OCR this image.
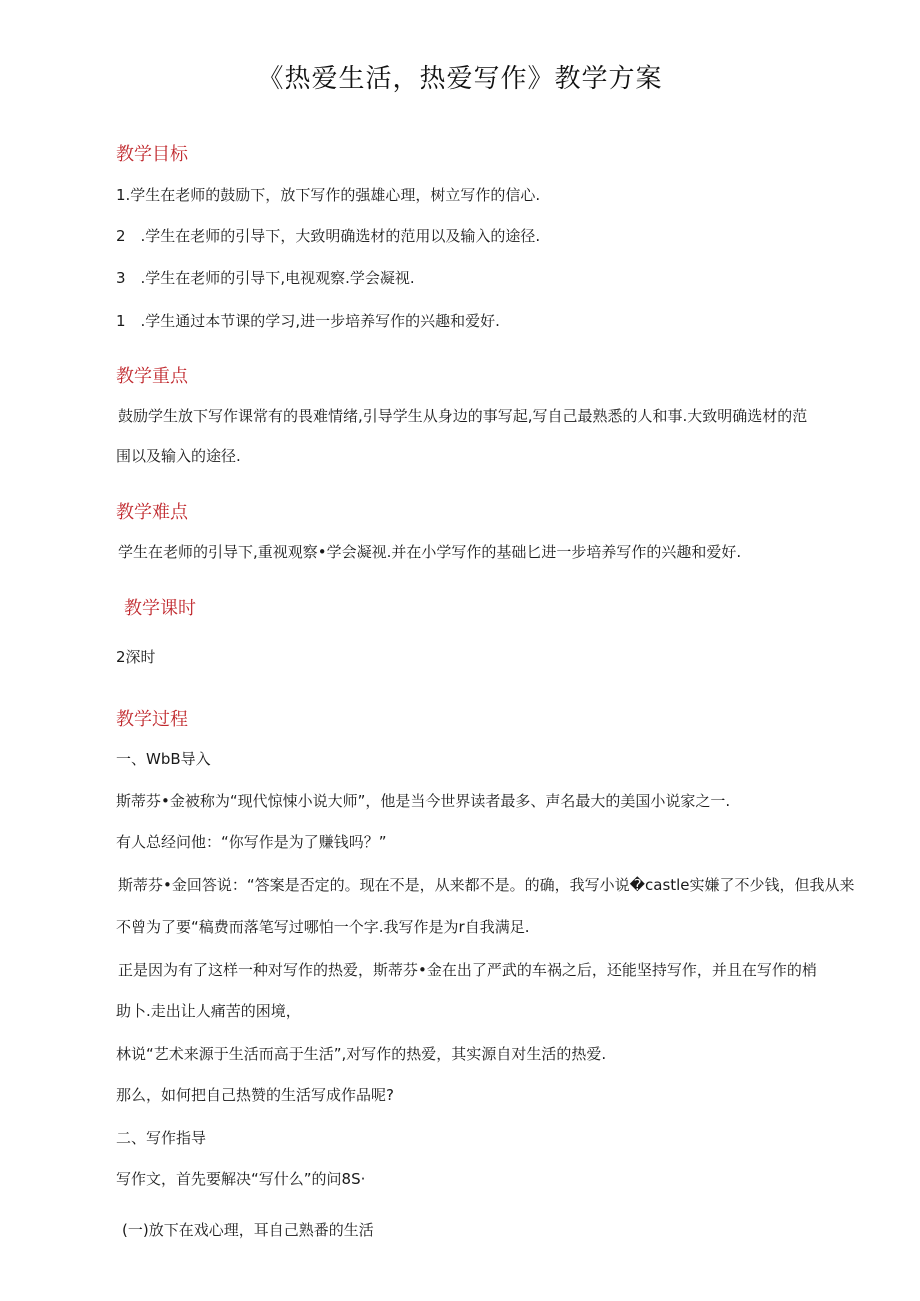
《热爱生活，热爱写作》教学方案
教学目标
1.学生在老师的鼓励下，放下写作的强雄心理，树立写作的信心.
2　.学生在老师的引导下，大致明确选材的范用以及输入的途径.
3　.学生在老师的引导下,电视观察.学会凝视.
1　.学生通过本节课的学习,进一步培养写作的兴趣和爱好.
教学重点
鼓励学生放下写作课常有的畏难情绪,引导学生从身边的事写起,写自己最熟悉的人和事.大致明确选材的范
围以及输入的途径.
教学难点
学生在老师的引导下,重视观察•学会凝视.并在小学写作的基础匕进一步培养写作的兴趣和爱好.
教学课时
2深时
教学过程
一、WbB导入
斯蒂芬•金被称为“现代惊悚小说大师”，他是当今世界读者最多、声名最大的美国小说家之一.
有人总经问他：“你写作是为了赚钱吗？”
斯蒂芬•金回答说：“答案是否定的。现在不是，从来都不是。的确，我写小说�castle实嫌了不少钱，但我从来
不曾为了要“稿费而落笔写过哪怕一个字.我写作是为r自我满足.
正是因为有了这样一种对写作的热爱，斯蒂芬•金在出了严武的车祸之后，还能坚持写作，并且在写作的梢
助卜.走出让人痛苦的困境，
林说“艺术来源于生活而高于生活”,对写作的热爱，其实源自对生活的热爱.
那么，如何把自己热赞的生活写成作品呢?
二、写作指导
写作文，首先要解决“写什么”的问8S·
(一)放下在戏心理，耳自己熟番的生活
